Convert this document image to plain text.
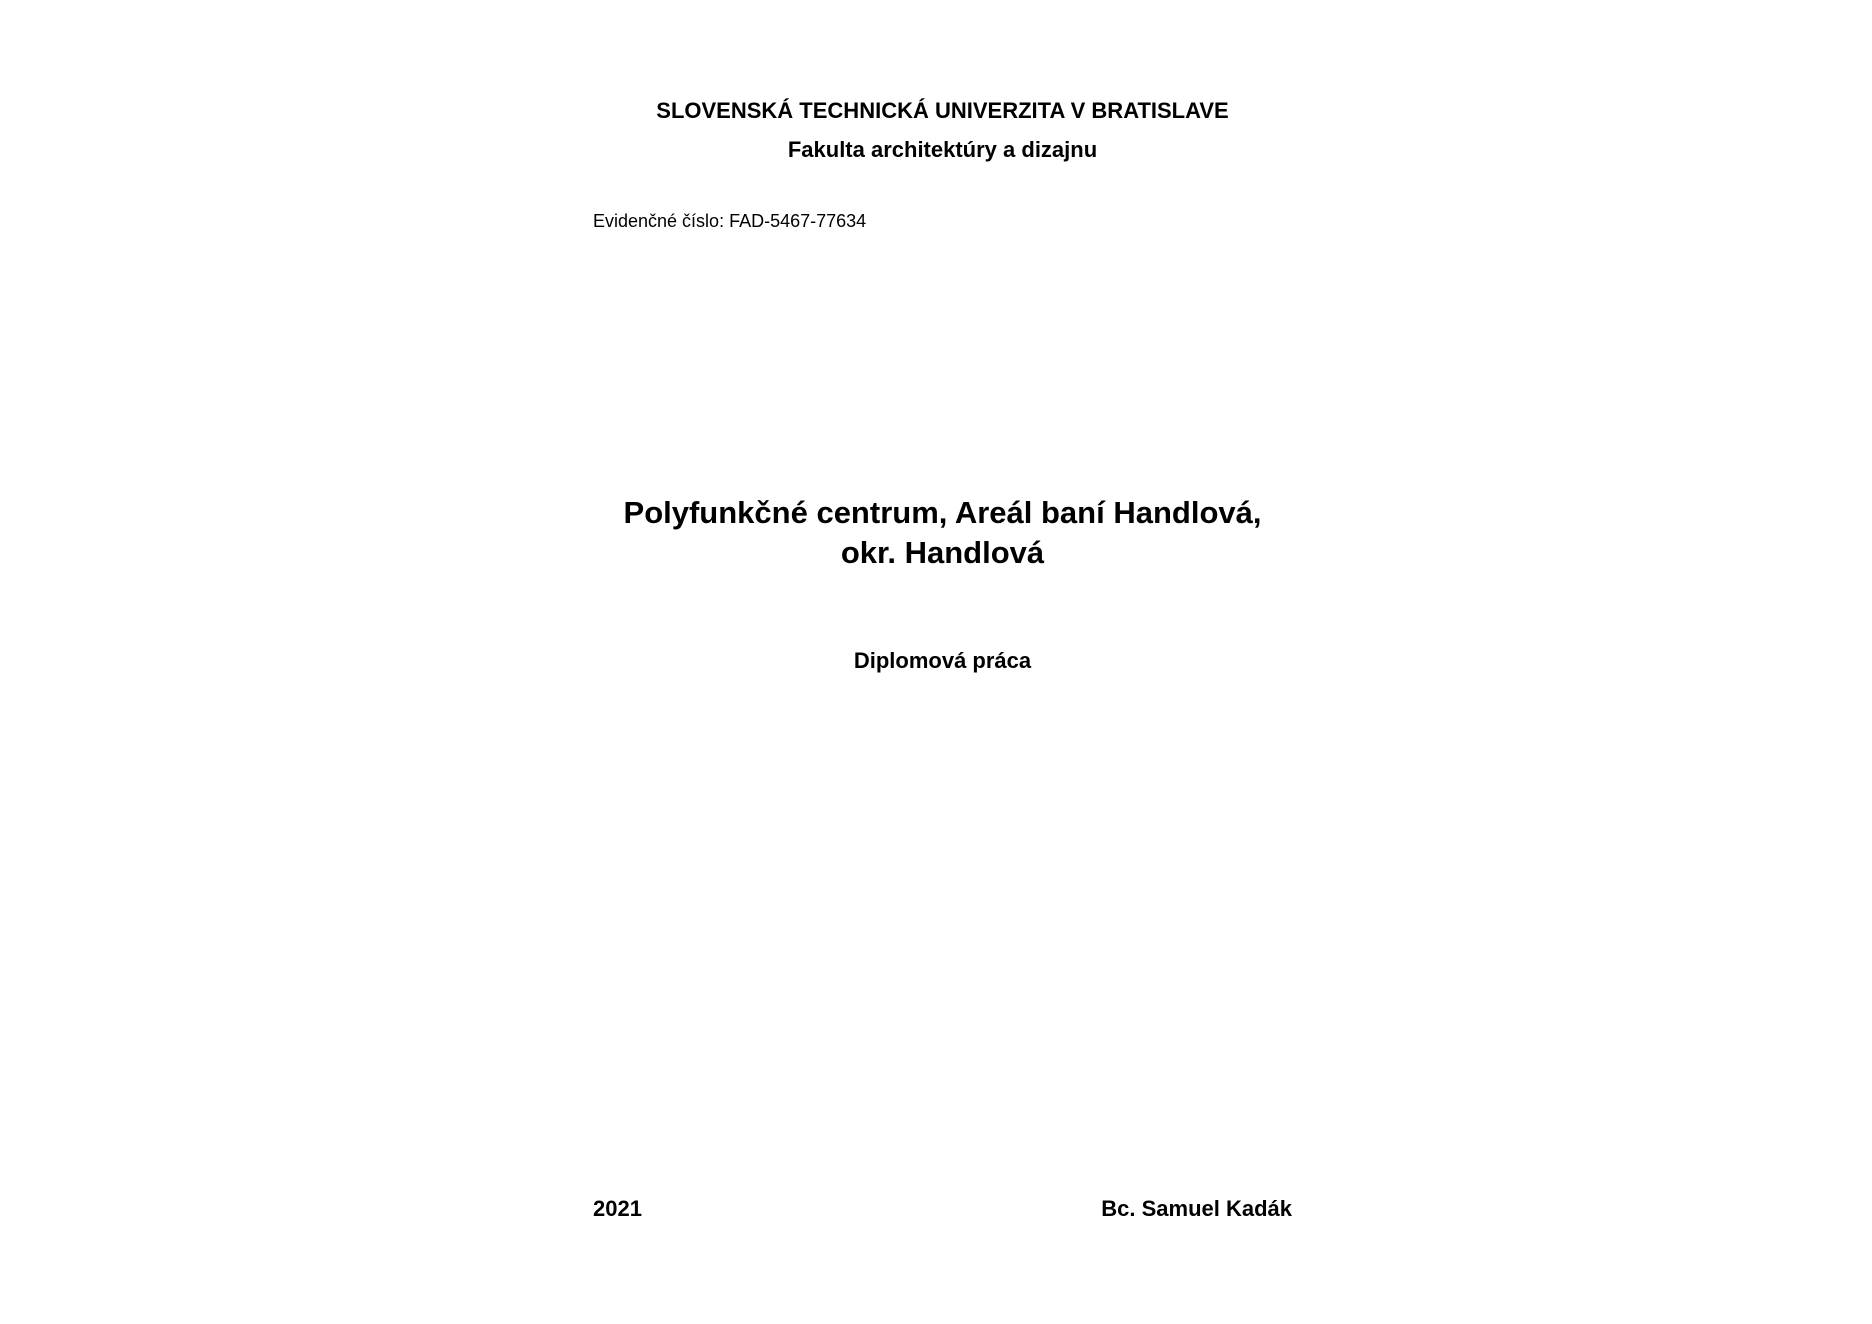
SLOVENSKÁ TECHNICKÁ UNIVERZITA V BRATISLAVE
Fakulta architektúry a dizajnu
Evidenčné číslo: FAD-5467-77634
Polyfunkčné centrum, Areál baní Handlová,
okr. Handlová
Diplomová práca
2021	Bc. Samuel Kadák
